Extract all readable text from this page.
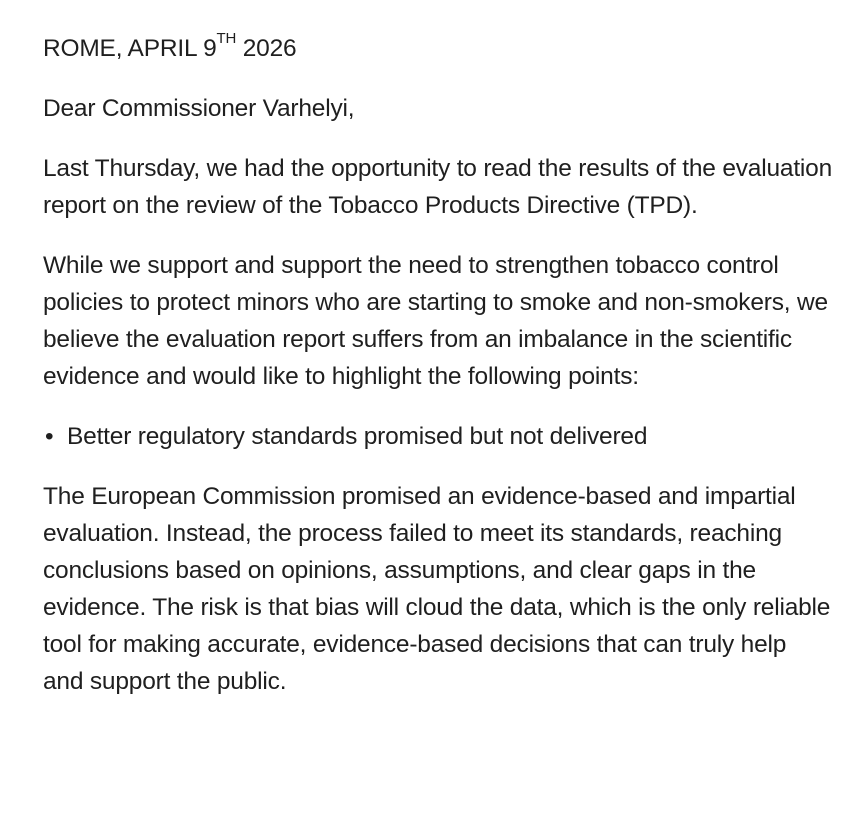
ROME, APRIL 9TH 2026

Dear Commissioner Varhelyi,

Last Thursday, we had the opportunity to read the results of the evaluation report on the review of the Tobacco Products Directive (TPD).

While we support and support the need to strengthen tobacco control policies to protect minors who are starting to smoke and non-smokers, we believe the evaluation report suffers from an imbalance in the scientific evidence and would like to highlight the following points:

• Better regulatory standards promised but not delivered

The European Commission promised an evidence-based and impartial evaluation. Instead, the process failed to meet its standards, reaching conclusions based on opinions, assumptions, and clear gaps in the evidence. The risk is that bias will cloud the data, which is the only reliable tool for making accurate, evidence-based decisions that can truly help and support the public.
